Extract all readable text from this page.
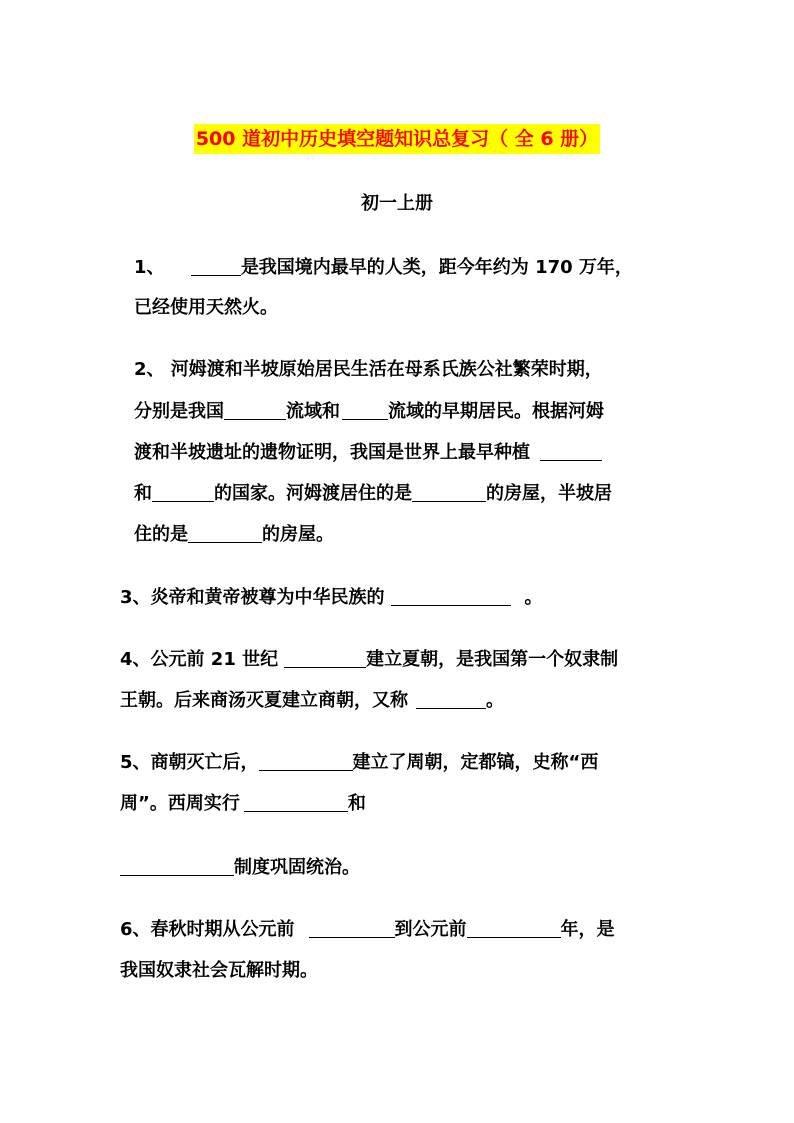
500 道初中历史填空题知识总复习（ 全 6 册）
初一上册
1、	是我国境内最早的人类，距今年约为 170 万年，
已经使用天然火。
2、 河姆渡和半坡原始居民生活在母系氏族公社繁荣时期，
分别是我国	流域和	流域的早期居民。根据河姆
渡和半坡遗址的遗物证明，我国是世界上最早种植
和	的国家。河姆渡居住的是	的房屋，半坡居
住的是	的房屋。
3、炎帝和黄帝被尊为中华民族的	。
4、公元前 21 世纪	建立夏朝，是我国第一个奴隶制
王朝。后来商汤灭夏建立商朝，又称	。
5、商朝灭亡后，	建立了周朝，定都镐，史称“西
周”。西周实行	和
制度巩固统治。
6、春秋时期从公元前	到公元前	年，是
我国奴隶社会瓦解时期。
